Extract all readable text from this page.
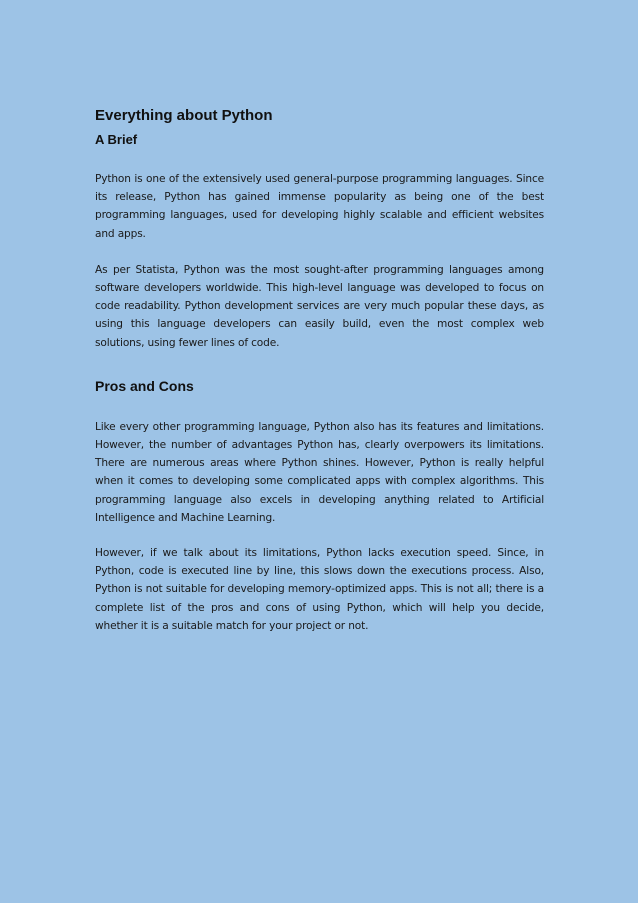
Everything about Python
A Brief

Python is one of the extensively used general-purpose programming languages. Since its release, Python has gained immense popularity as being one of the best programming languages, used for developing highly scalable and efficient websites and apps.

As per Statista, Python was the most sought-after programming languages among software developers worldwide. This high-level language was developed to focus on code readability. Python development services are very much popular these days, as using this language developers can easily build, even the most complex web solutions, using fewer lines of code.

Pros and Cons

Like every other programming language, Python also has its features and limitations. However, the number of advantages Python has, clearly overpowers its limitations. There are numerous areas where Python shines. However, Python is really helpful when it comes to developing some complicated apps with complex algorithms. This programming language also excels in developing anything related to Artificial Intelligence and Machine Learning.

However, if we talk about its limitations, Python lacks execution speed. Since, in Python, code is executed line by line, this slows down the executions process. Also, Python is not suitable for developing memory-optimized apps. This is not all; there is a complete list of the pros and cons of using Python, which will help you decide, whether it is a suitable match for your project or not.
